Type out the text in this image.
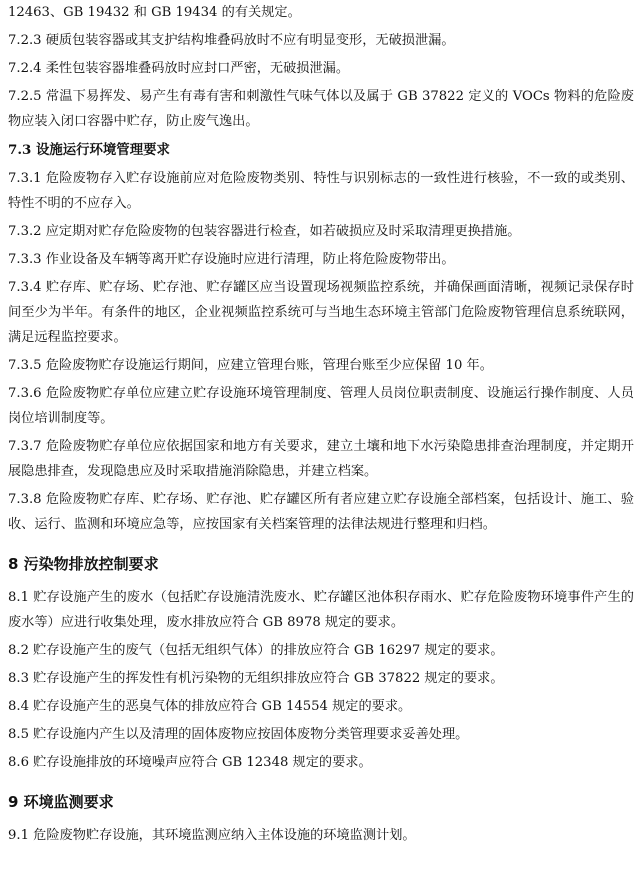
12463、GB 19432 和 GB 19434 的有关规定。

7.2.3 硬质包装容器或其支护结构堆叠码放时不应有明显变形，无破损泄漏。

7.2.4 柔性包装容器堆叠码放时应封口严密，无破损泄漏。

7.2.5 常温下易挥发、易产生有毒有害和刺激性气味气体以及属于 GB 37822 定义的 VOCs 物料的危险废物应装入闭口容器中贮存，防止废气逸出。

7.3 设施运行环境管理要求

7.3.1 危险废物存入贮存设施前应对危险废物类别、特性与识别标志的一致性进行核验，不一致的或类别、特性不明的不应存入。

7.3.2 应定期对贮存危险废物的包装容器进行检查，如若破损应及时采取清理更换措施。

7.3.3 作业设备及车辆等离开贮存设施时应进行清理，防止将危险废物带出。

7.3.4 贮存库、贮存场、贮存池、贮存罐区应当设置现场视频监控系统，并确保画面清晰，视频记录保存时间至少为半年。有条件的地区，企业视频监控系统可与当地生态环境主管部门危险废物管理信息系统联网，满足远程监控要求。

7.3.5 危险废物贮存设施运行期间，应建立管理台账，管理台账至少应保留 10 年。

7.3.6 危险废物贮存单位应建立贮存设施环境管理制度、管理人员岗位职责制度、设施运行操作制度、人员岗位培训制度等。

7.3.7 危险废物贮存单位应依据国家和地方有关要求，建立土壤和地下水污染隐患排查治理制度，并定期开展隐患排查，发现隐患应及时采取措施消除隐患，并建立档案。

7.3.8 危险废物贮存库、贮存场、贮存池、贮存罐区所有者应建立贮存设施全部档案，包括设计、施工、验收、运行、监测和环境应急等，应按国家有关档案管理的法律法规进行整理和归档。

8 污染物排放控制要求

8.1 贮存设施产生的废水（包括贮存设施清洗废水、贮存罐区池体积存雨水、贮存危险废物环境事件产生的废水等）应进行收集处理，废水排放应符合 GB 8978 规定的要求。

8.2 贮存设施产生的废气（包括无组织气体）的排放应符合 GB 16297 规定的要求。

8.3 贮存设施产生的挥发性有机污染物的无组织排放应符合 GB 37822 规定的要求。

8.4 贮存设施产生的恶臭气体的排放应符合 GB 14554 规定的要求。

8.5 贮存设施内产生以及清理的固体废物应按固体废物分类管理要求妥善处理。

8.6 贮存设施排放的环境噪声应符合 GB 12348 规定的要求。

9 环境监测要求

9.1 危险废物贮存设施，其环境监测应纳入主体设施的环境监测计划。
